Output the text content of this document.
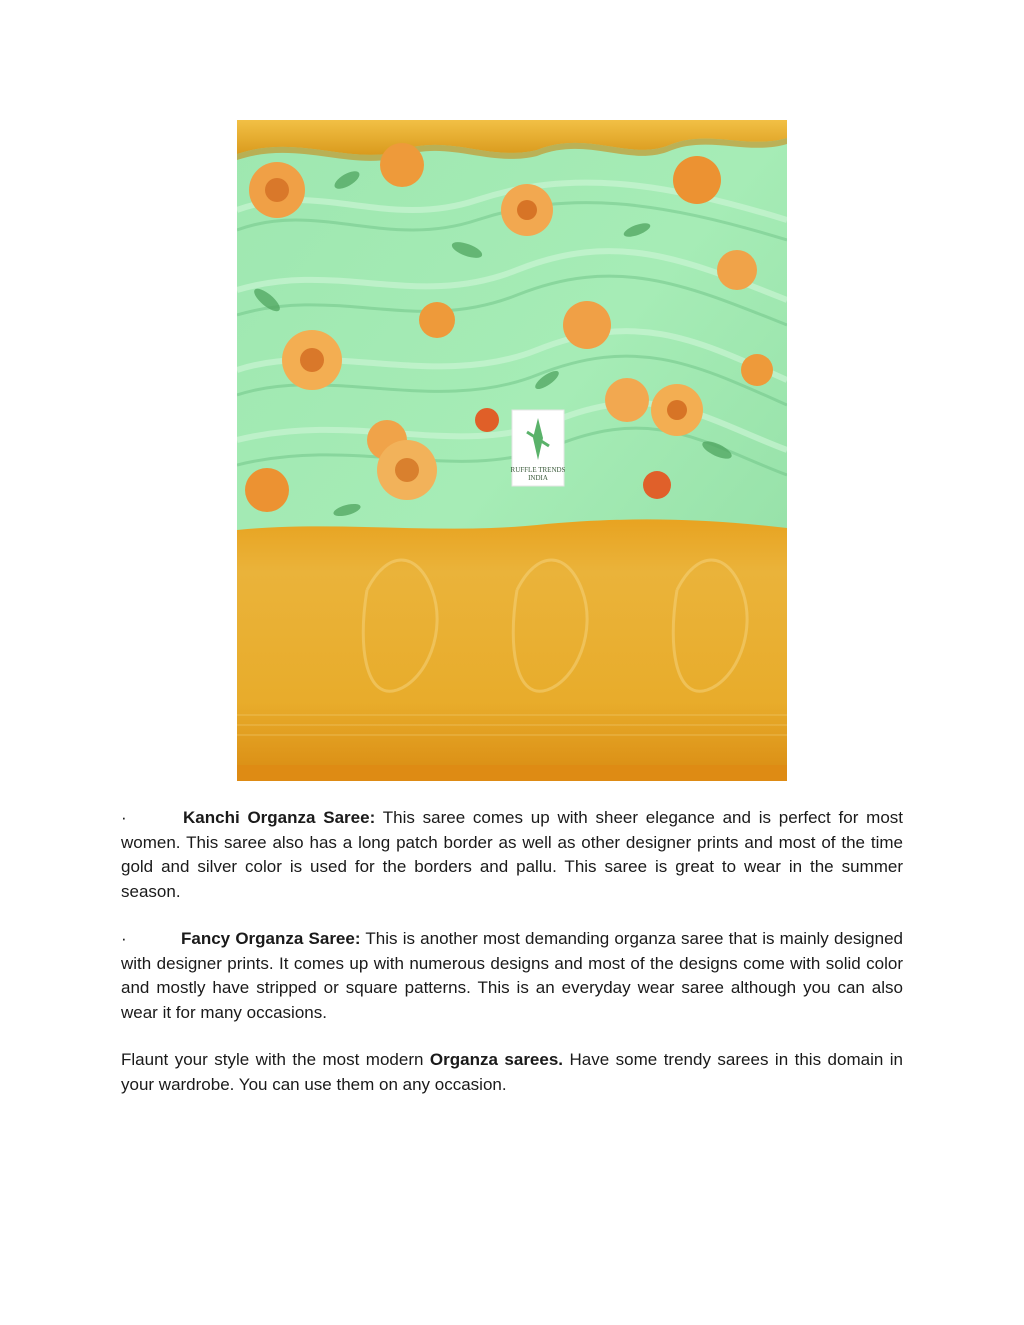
RUFFLE TRENDS
INDIA
·	Kanchi Organza Saree: This saree comes up with sheer elegance and is perfect for most women. This saree also has a long patch border as well as other designer prints and most of the time gold and silver color is used for the borders and pallu. This saree is great to wear in the summer season.
·	Fancy Organza Saree: This is another most demanding organza saree that is mainly designed with designer prints. It comes up with numerous designs and most of the designs come with solid color and mostly have stripped or square patterns. This is an everyday wear saree although you can also wear it for many occasions.
Flaunt your style with the most modern Organza sarees. Have some trendy sarees in this domain in your wardrobe. You can use them on any occasion.
